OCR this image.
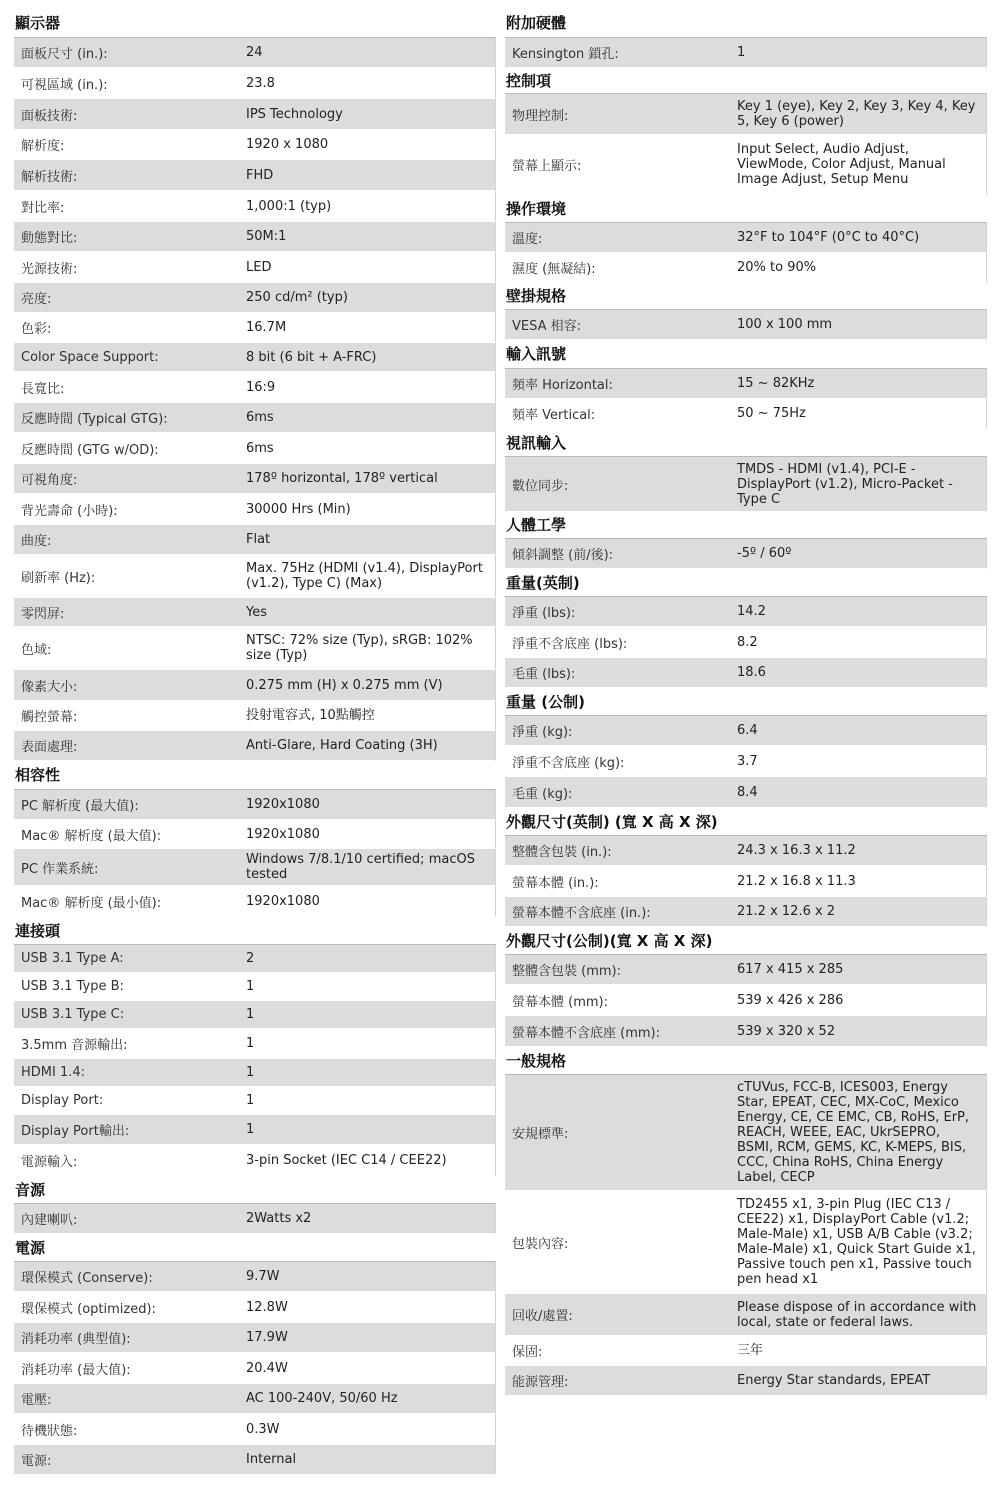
顯示器
面板尺寸 (in.):	24
可視區域 (in.):	23.8
面板技術:	IPS Technology
解析度:	1920 x 1080
解析技術:	FHD
對比率:	1,000:1 (typ)
動態對比:	50M:1
光源技術:	LED
亮度:	250 cd/m² (typ)
色彩:	16.7M
Color Space Support:	8 bit (6 bit + A-FRC)
長寬比:	16:9
反應時間 (Typical GTG):	6ms
反應時間 (GTG w/OD):	6ms
可視角度:	178º horizontal, 178º vertical
背光壽命 (小時):	30000 Hrs (Min)
曲度:	Flat
刷新率 (Hz):
Max. 75Hz (HDMI (v1.4), DisplayPort (v1.2), Type C) (Max)
零閃屏:	Yes
色域:
NTSC: 72% size (Typ), sRGB: 102% size (Typ)
像素大小:	0.275 mm (H) x 0.275 mm (V)
觸控螢幕:	投射電容式, 10點觸控
表面處理:	Anti-Glare, Hard Coating (3H)
相容性
PC 解析度 (最大值):	1920x1080
Mac® 解析度 (最大值):	1920x1080
PC 作業系統:
Windows 7/8.1/10 certified; macOS tested
Mac® 解析度 (最小值):	1920x1080
連接頭
USB 3.1 Type A:	2
USB 3.1 Type B:	1
USB 3.1 Type C:	1
3.5mm 音源輸出:	1
HDMI 1.4:	1
Display Port:	1
Display Port輸出:	1
電源輸入:	3-pin Socket (IEC C14 / CEE22)
音源
內建喇叭:	2Watts x2
電源
環保模式 (Conserve):	9.7W
環保模式 (optimized):	12.8W
消耗功率 (典型值):	17.9W
消耗功率 (最大值):	20.4W
電壓:	AC 100-240V, 50/60 Hz
待機狀態:	0.3W
電源:	Internal
附加硬體
Kensington 鎖孔:	1
控制項
物理控制:
Key 1 (eye), Key 2, Key 3, Key 4, Key 5, Key 6 (power)
螢幕上顯示:
Input Select, Audio Adjust, ViewMode, Color Adjust, Manual Image Adjust, Setup Menu
操作環境
溫度:	32°F to 104°F (0°C to 40°C)
濕度 (無凝結):	20% to 90%
壁掛規格
VESA 相容:	100 x 100 mm
輸入訊號
頻率 Horizontal:	15 ~ 82KHz
頻率 Vertical:	50 ~ 75Hz
視訊輸入
數位同步:
TMDS - HDMI (v1.4), PCI-E - DisplayPort (v1.2), Micro-Packet - Type C
人體工學
傾斜調整 (前/後):	-5º / 60º
重量(英制)
淨重 (lbs):	14.2
淨重不含底座 (lbs):	8.2
毛重 (lbs):	18.6
重量 (公制)
淨重 (kg):	6.4
淨重不含底座 (kg):	3.7
毛重 (kg):	8.4
外觀尺寸(英制) (寬 X 高 X 深)
整體含包裝 (in.):	24.3 x 16.3 x 11.2
螢幕本體 (in.):	21.2 x 16.8 x 11.3
螢幕本體不含底座 (in.):	21.2 x 12.6 x 2
外觀尺寸(公制)(寬 X 高 X 深)
整體含包裝 (mm):	617 x 415 x 285
螢幕本體 (mm):	539 x 426 x 286
螢幕本體不含底座 (mm):	539 x 320 x 52
一般規格
安規標準:
cTUVus, FCC-B, ICES003, Energy Star, EPEAT, CEC, MX-CoC, Mexico Energy, CE, CE EMC, CB, RoHS, ErP, REACH, WEEE, EAC, UkrSEPRO, BSMI, RCM, GEMS, KC, K-MEPS, BIS, CCC, China RoHS, China Energy Label, CECP
包裝內容:
TD2455 x1, 3-pin Plug (IEC C13 / CEE22) x1, DisplayPort Cable (v1.2; Male-Male) x1, USB A/B Cable (v3.2; Male-Male) x1, Quick Start Guide x1, Passive touch pen x1, Passive touch pen head x1
回收/處置:
Please dispose of in accordance with local, state or federal laws.
保固:	三年
能源管理:	Energy Star standards, EPEAT
